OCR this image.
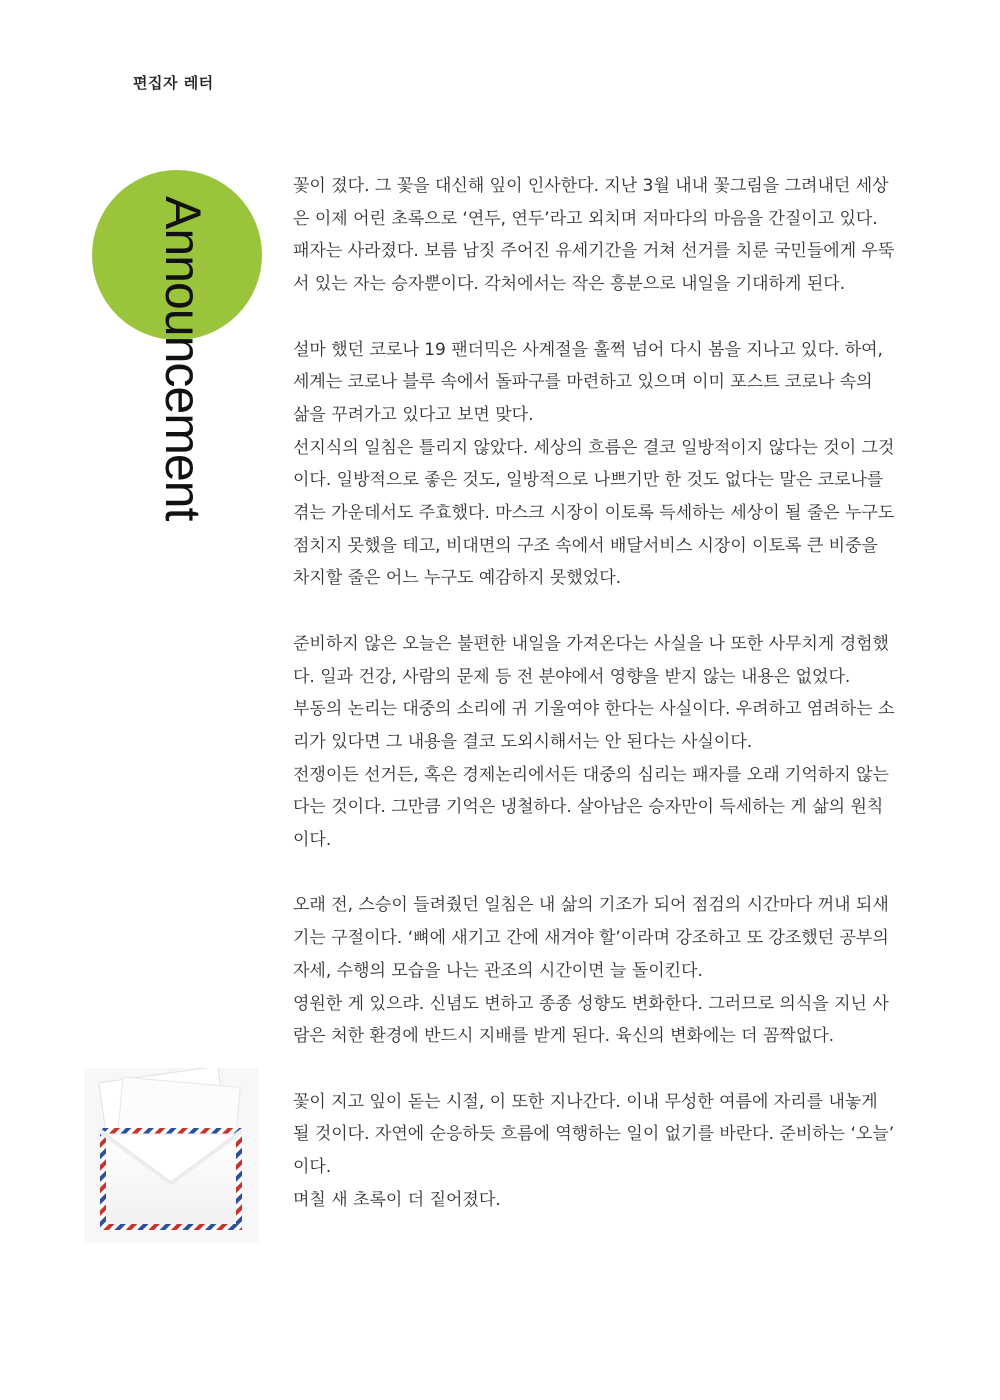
편집자 레터
Announcement
꽃이 졌다. 그 꽃을 대신해 잎이 인사한다. 지난 3월 내내 꽃그림을 그려내던 세상
은 이제 어린 초록으로 ‘연두, 연두’라고 외치며 저마다의 마음을 간질이고 있다.
패자는 사라졌다. 보름 남짓 주어진 유세기간을 거쳐 선거를 치룬 국민들에게 우뚝
서 있는 자는 승자뿐이다. 각처에서는 작은 흥분으로 내일을 기대하게 된다.
설마 했던 코로나 19 팬더믹은 사계절을 훌쩍 넘어 다시 봄을 지나고 있다. 하여,
세계는 코로나 블루 속에서 돌파구를 마련하고 있으며 이미 포스트 코로나 속의
삶을 꾸려가고 있다고 보면 맞다.
선지식의 일침은 틀리지 않았다. 세상의 흐름은 결코 일방적이지 않다는 것이 그것
이다. 일방적으로 좋은 것도, 일방적으로 나쁘기만 한 것도 없다는 말은 코로나를
겪는 가운데서도 주효했다. 마스크 시장이 이토록 득세하는 세상이 될 줄은 누구도
점치지 못했을 테고, 비대면의 구조 속에서 배달서비스 시장이 이토록 큰 비중을
차지할 줄은 어느 누구도 예감하지 못했었다.
준비하지 않은 오늘은 불편한 내일을 가져온다는 사실을 나 또한 사무치게 경험했
다. 일과 건강, 사람의 문제 등 전 분야에서 영향을 받지 않는 내용은 없었다.
부동의 논리는 대중의 소리에 귀 기울여야 한다는 사실이다. 우려하고 염려하는 소
리가 있다면 그 내용을 결코 도외시해서는 안 된다는 사실이다.
전쟁이든 선거든, 혹은 경제논리에서든 대중의 심리는 패자를 오래 기억하지 않는
다는 것이다. 그만큼 기억은 냉철하다. 살아남은 승자만이 득세하는 게 삶의 원칙
이다.
오래 전, 스승이 들려줬던 일침은 내 삶의 기조가 되어 점검의 시간마다 꺼내 되새
기는 구절이다. ‘뼈에 새기고 간에 새겨야 할’이라며 강조하고 또 강조했던 공부의
자세, 수행의 모습을 나는 관조의 시간이면 늘 돌이킨다.
영원한 게 있으랴. 신념도 변하고 종종 성향도 변화한다. 그러므로 의식을 지닌 사
람은 처한 환경에 반드시 지배를 받게 된다. 육신의 변화에는 더 꼼짝없다.
꽃이 지고 잎이 돋는 시절, 이 또한 지나간다. 이내 무성한 여름에 자리를 내놓게
될 것이다. 자연에 순응하듯 흐름에 역행하는 일이 없기를 바란다. 준비하는 ‘오늘’
이다.
며칠 새 초록이 더 짙어졌다.
